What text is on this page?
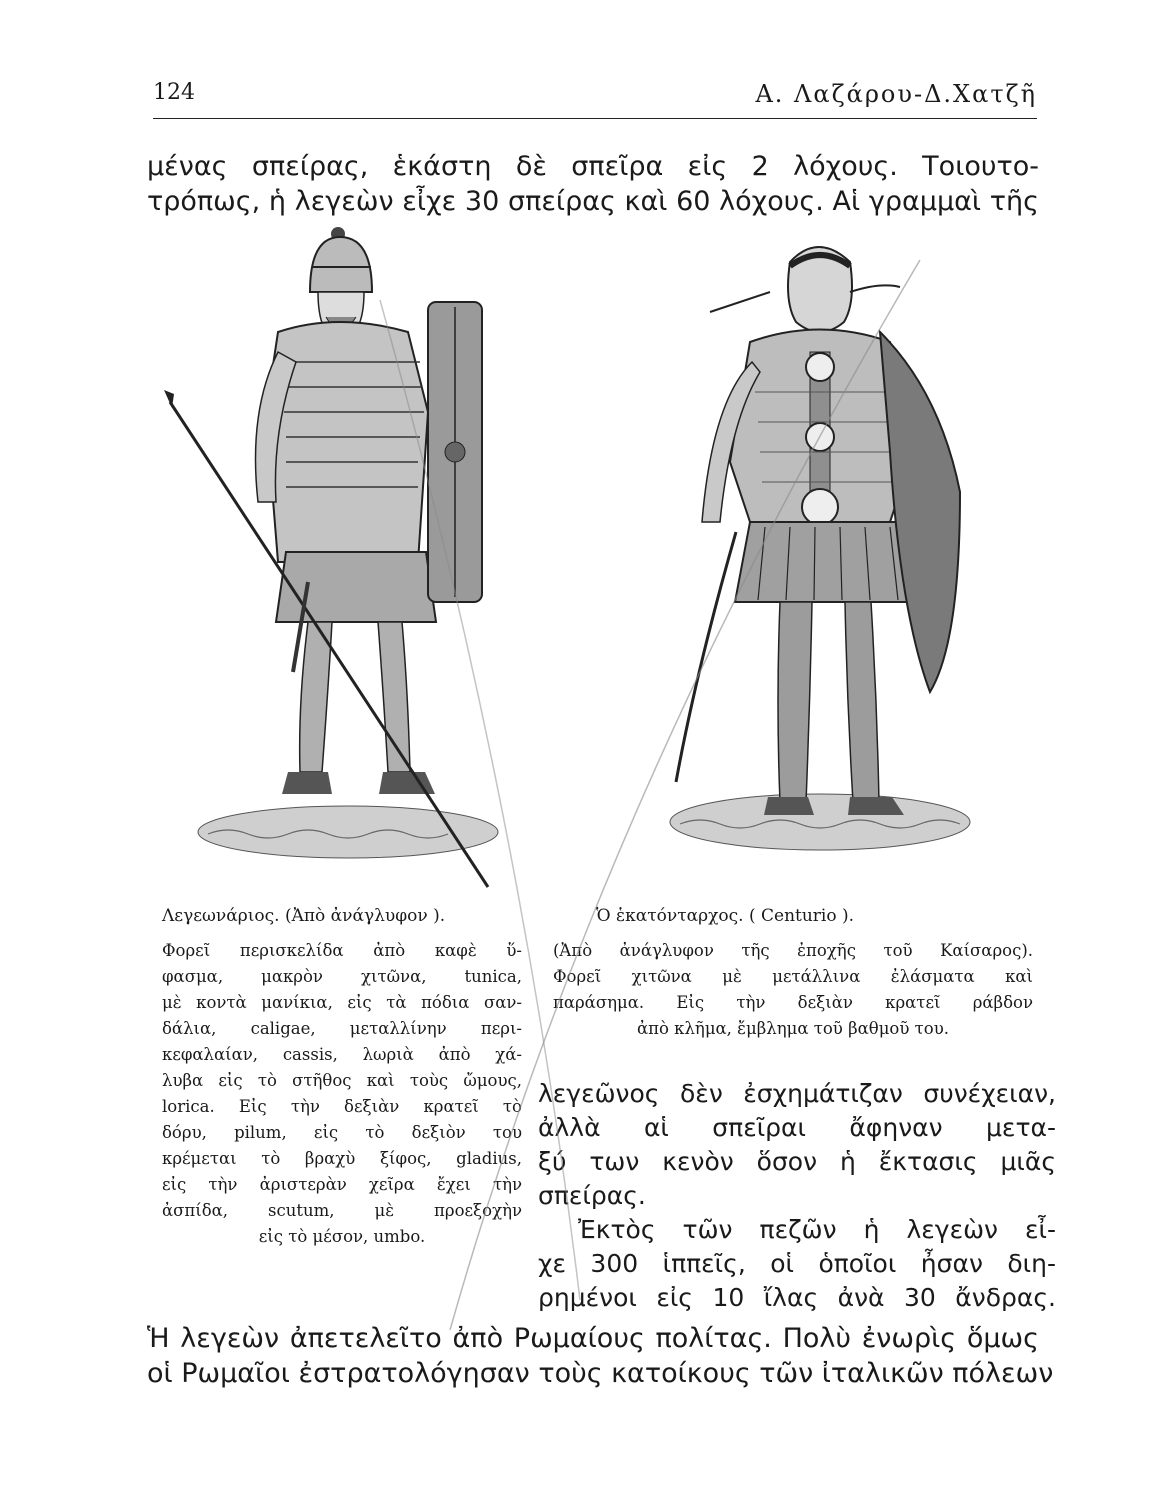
124	Α. Λαζάρου-Δ.Χατζῆ
μένας σπείρας, ἑκάστη δὲ σπεῖρα εἰς 2 λόχους. Τοιουτο-
τρόπως, ἡ λεγεὼν εἶχε 30 σπείρας καὶ 60 λόχους. Αἱ γραμμαὶ τῆς
Λεγεωνάριος. (Ἀπὸ ἀνάγλυφον ).
Φορεῖ περισκελίδα ἀπὸ καφὲ ὕ-
φασμα, μακρὸν χιτῶνα, tunica,
μὲ κοντὰ μανίκια, εἰς τὰ πόδια σαν-
δάλια, caligae, μεταλλίνην περι-
κεφαλαίαν, cassis, λωριὰ ἀπὸ χά-
λυβα εἰς τὸ στῆθος καὶ τοὺς ὤμους,
lorica. Εἰς τὴν δεξιὰν κρατεῖ τὸ
δόρυ, pilum, εἰς τὸ δεξιὸν του
κρέμεται τὸ βραχὺ ξίφος, gladius,
εἰς τὴν ἀριστερὰν χεῖρα ἔχει τὴν
ἀσπίδα, scutum, μὲ προεξοχὴν
εἰς τὸ μέσον, umbo.
Ὁ ἑκατόνταρχος. ( Centurio ).
(Ἀπὸ ἀνάγλυφον τῆς ἐποχῆς τοῦ Καίσαρος).
Φορεῖ χιτῶνα μὲ μετάλλινα ἐλάσματα καὶ
παράσημα. Εἰς τὴν δεξιὰν κρατεῖ ράβδον
ἀπὸ κλῆμα, ἔμβλημα τοῦ βαθμοῦ του.
λεγεῶνος δὲν ἐσχημάτιζαν συνέχειαν,
ἀλλὰ αἱ σπεῖραι ἄφηναν μετα-
ξύ των κενὸν ὅσον ἡ ἔκτασις μιᾶς
σπείρας.
Ἐκτὸς τῶν πεζῶν ἡ λεγεὼν εἶ-
χε 300 ἱππεῖς, οἱ ὁποῖοι ἦσαν διη-
ρημένοι εἰς 10 ἴλας ἀνὰ 30 ἄνδρας.
Ἡ λεγεὼν ἀπετελεῖτο ἀπὸ Ρωμαίους πολίτας. Πολὺ ἐνωρὶς ὅμως
οἱ Ρωμαῖοι ἐστρατολόγησαν τοὺς κατοίκους τῶν ἰταλικῶν πόλεων
